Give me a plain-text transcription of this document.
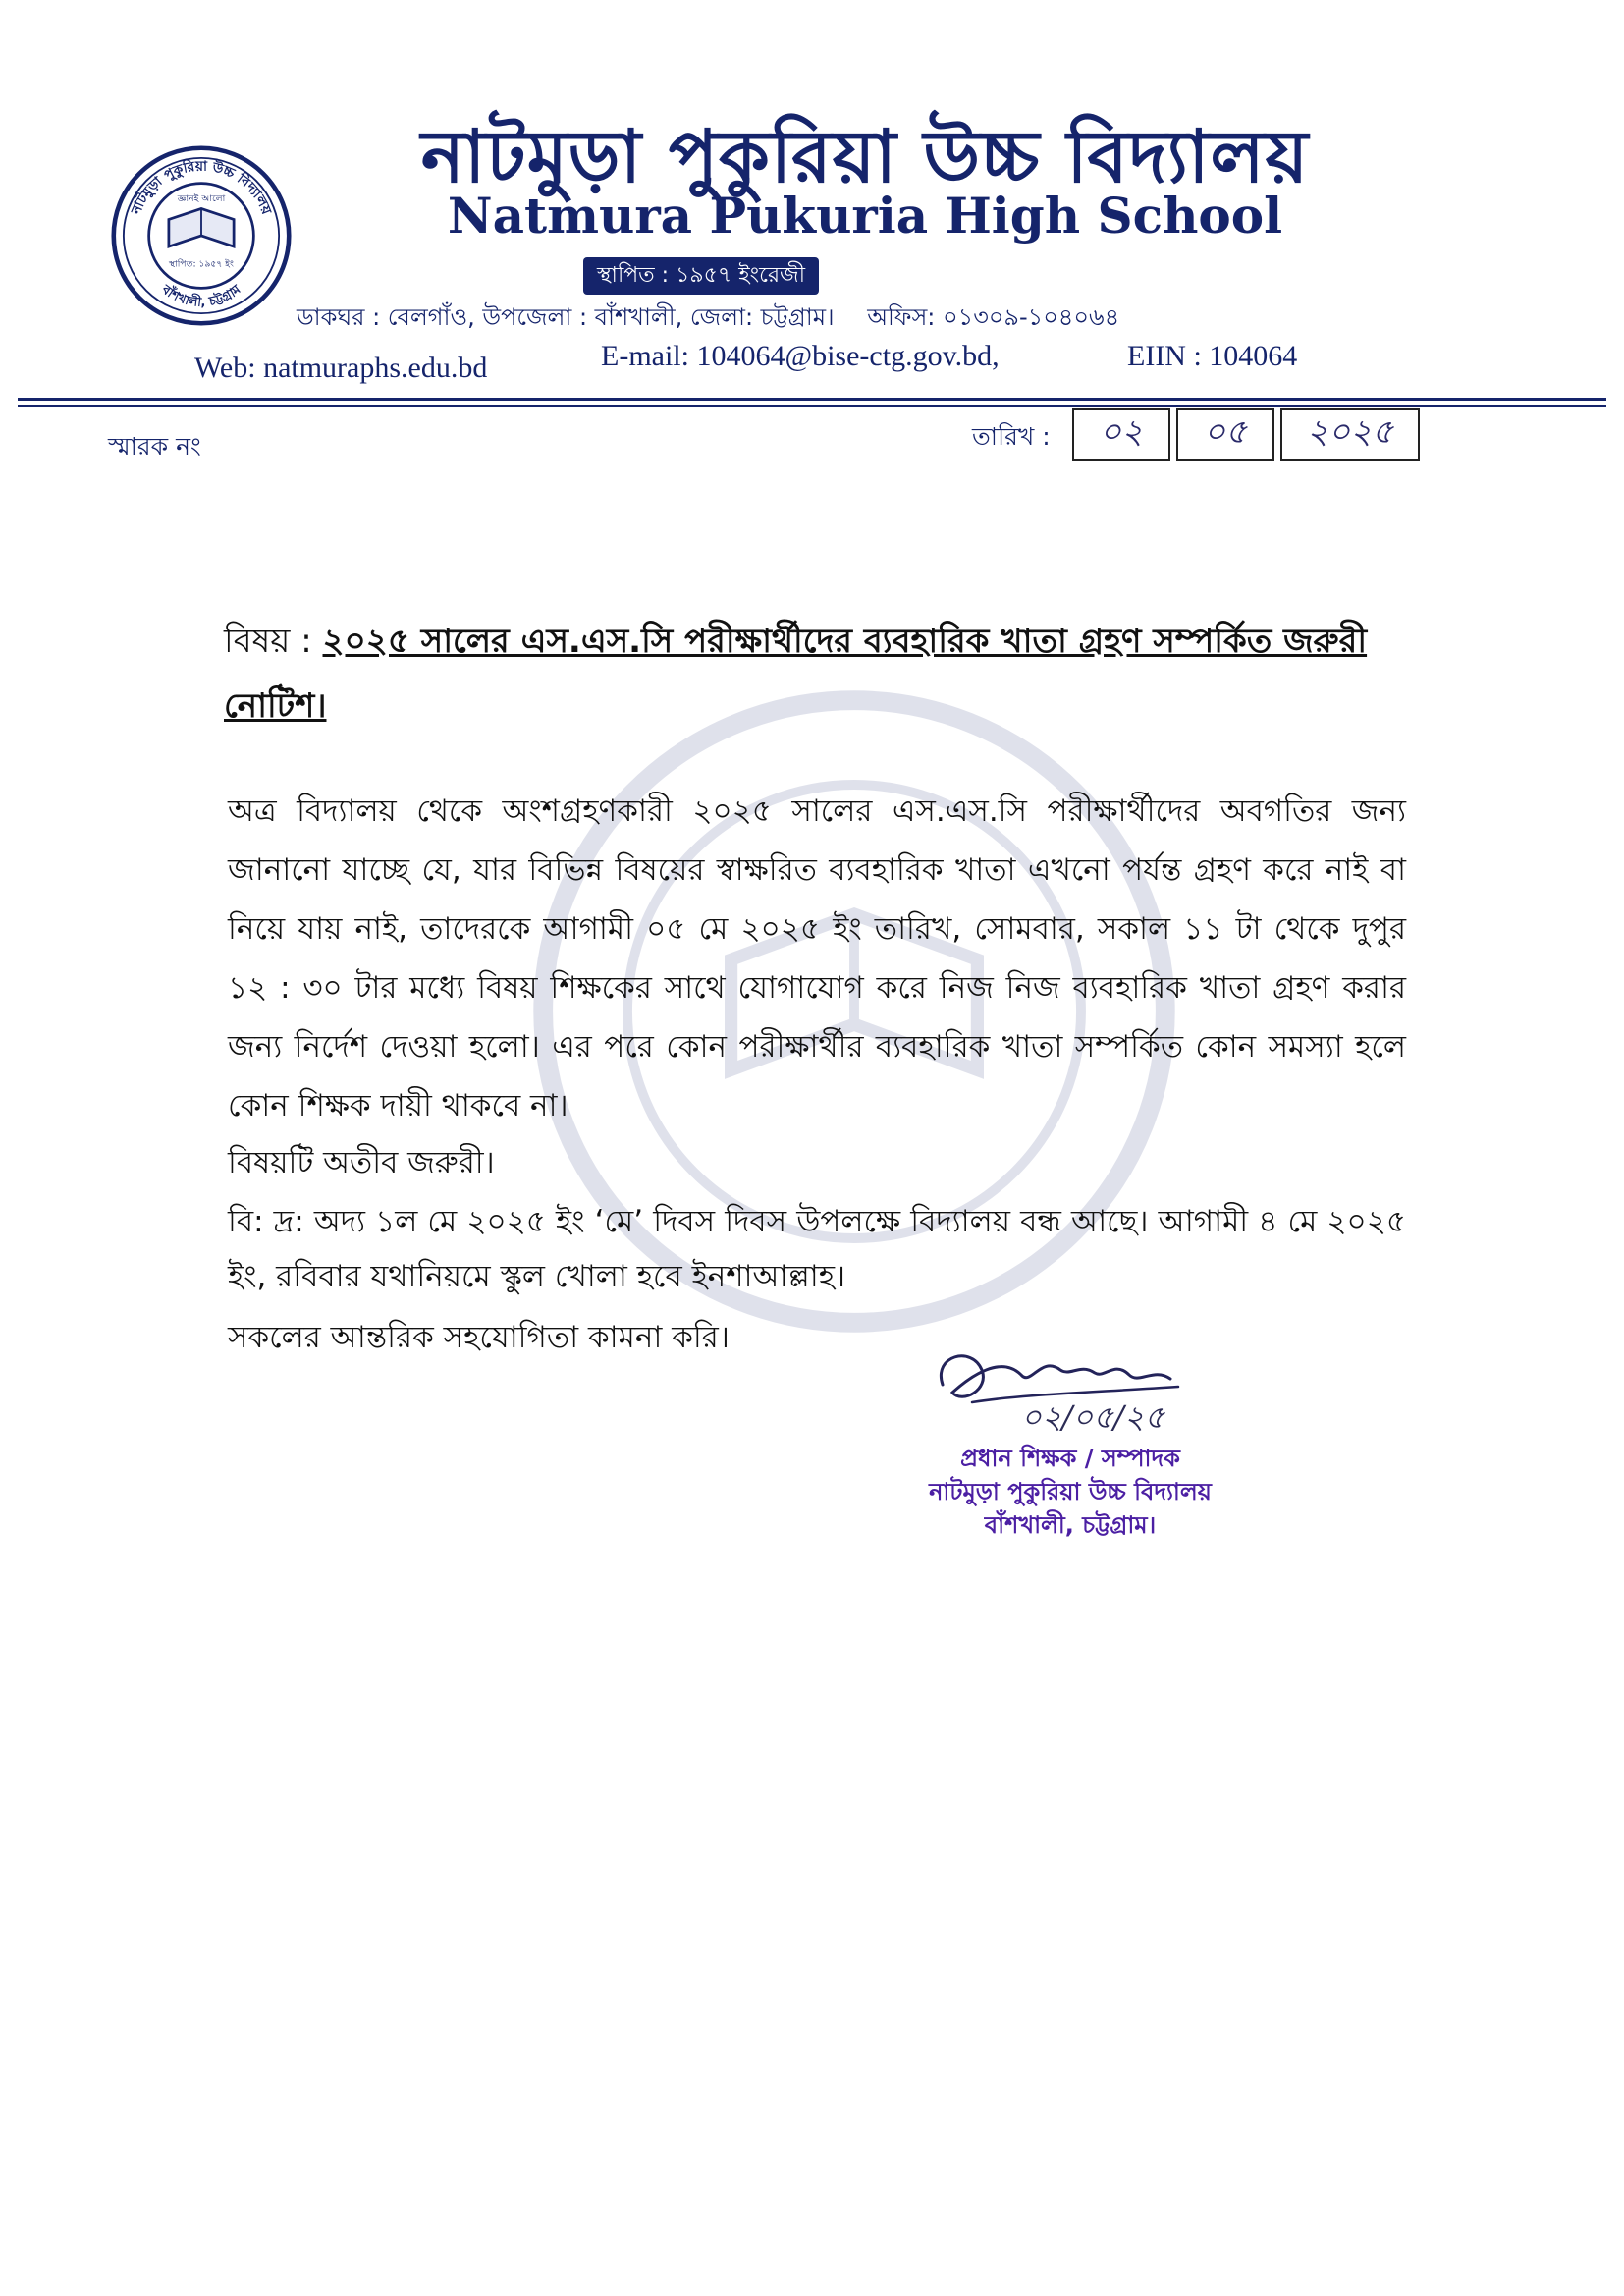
জ্ঞানই আলো
স্থাপিত: ১৯৫৭ ইং
নাটমুড়া পুকুরিয়া উচ্চ বিদ্যালয়
বাঁশখালী, চট্টগ্রাম
নাটমুড়া পুকুরিয়া উচ্চ বিদ্যালয়
Natmura Pukuria High School
স্থাপিত : ১৯৫৭ ইংরেজী
ডাকঘর : বেলগাঁও, উপজেলা : বাঁশখালী, জেলা: চট্টগ্রাম। অফিস: ০১৩০৯-১০৪০৬৪
Web: natmuraphs.edu.bd	E-mail: 104064@bise-ctg.gov.bd,	EIIN : 104064
স্মারক নং	তারিখ :	০২	০৫	২০২৫
বিষয় : ২০২৫ সালের এস.এস.সি পরীক্ষার্থীদের ব্যবহারিক খাতা গ্রহণ সম্পর্কিত জরুরী নোটিশ।
অত্র বিদ্যালয় থেকে অংশগ্রহণকারী ২০২৫ সালের এস.এস.সি পরীক্ষার্থীদের অবগতির জন্য জানানো যাচ্ছে যে, যার বিভিন্ন বিষয়ের স্বাক্ষরিত ব্যবহারিক খাতা এখনো পর্যন্ত গ্রহণ করে নাই বা নিয়ে যায় নাই, তাদেরকে আগামী ০৫ মে ২০২৫ ইং তারিখ, সোমবার, সকাল ১১ টা থেকে দুপুর ১২ : ৩০ টার মধ্যে বিষয় শিক্ষকের সাথে যোগাযোগ করে নিজ নিজ ব্যবহারিক খাতা গ্রহণ করার জন্য নির্দেশ দেওয়া হলো। এর পরে কোন পরীক্ষার্থীর ব্যবহারিক খাতা সম্পর্কিত কোন সমস্যা হলে কোন শিক্ষক দায়ী থাকবে না।
বিষয়টি অতীব জরুরী।
বি: দ্র: অদ্য ১ল মে ২০২৫ ইং ‘মে’ দিবস দিবস উপলক্ষে বিদ্যালয় বন্ধ আছে। আগামী ৪ মে ২০২৫ ইং, রবিবার যথানিয়মে স্কুল খোলা হবে ইনশাআল্লাহ।
সকলের আন্তরিক সহযোগিতা কামনা করি।
০২/০৫/২৫
প্রধান শিক্ষক / সম্পাদক
নাটমুড়া পুকুরিয়া উচ্চ বিদ্যালয়
বাঁশখালী, চট্টগ্রাম।
